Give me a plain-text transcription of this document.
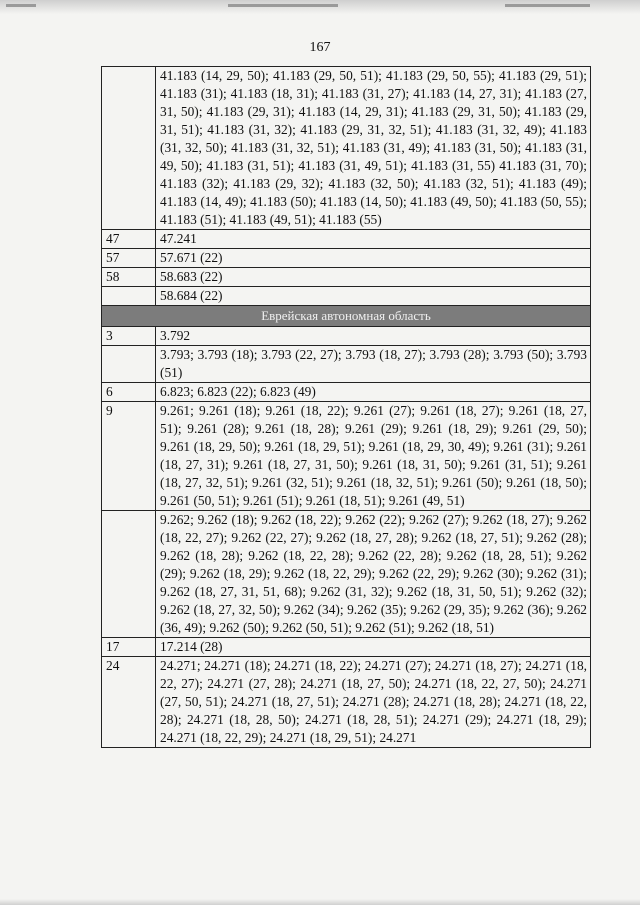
167
	41.183 (14, 29, 50); 41.183 (29, 50, 51); 41.183 (29, 50, 55); 41.183 (29, 51); 41.183 (31); 41.183 (18, 31); 41.183 (31, 27); 41.183 (14, 27, 31); 41.183 (27, 31, 50); 41.183 (29, 31); 41.183 (14, 29, 31); 41.183 (29, 31, 50); 41.183 (29, 31, 51); 41.183 (31, 32); 41.183 (29, 31, 32, 51); 41.183 (31, 32, 49); 41.183 (31, 32, 50); 41.183 (31, 32, 51); 41.183 (31, 49); 41.183 (31, 50); 41.183 (31, 49, 50); 41.183 (31, 51); 41.183 (31, 49, 51); 41.183 (31, 55) 41.183 (31, 70); 41.183 (32); 41.183 (29, 32); 41.183 (32, 50); 41.183 (32, 51); 41.183 (49); 41.183 (14, 49); 41.183 (50); 41.183 (14, 50); 41.183 (49, 50); 41.183 (50, 55); 41.183 (51); 41.183 (49, 51); 41.183 (55)
47	47.241
57	57.671 (22)
58	58.683 (22)
	58.684 (22)
Еврейская автономная область	
3	3.792
	3.793; 3.793 (18); 3.793 (22, 27); 3.793 (18, 27); 3.793 (28); 3.793 (50); 3.793 (51)
6	6.823; 6.823 (22); 6.823 (49)
9	9.261; 9.261 (18); 9.261 (18, 22); 9.261 (27); 9.261 (18, 27); 9.261 (18, 27, 51); 9.261 (28); 9.261 (18, 28); 9.261 (29); 9.261 (18, 29); 9.261 (29, 50); 9.261 (18, 29, 50); 9.261 (18, 29, 51); 9.261 (18, 29, 30, 49); 9.261 (31); 9.261 (18, 27, 31); 9.261 (18, 27, 31, 50); 9.261 (18, 31, 50); 9.261 (31, 51); 9.261 (18, 27, 32, 51); 9.261 (32, 51); 9.261 (18, 32, 51); 9.261 (50); 9.261 (18, 50); 9.261 (50, 51); 9.261 (51); 9.261 (18, 51); 9.261 (49, 51)
	9.262; 9.262 (18); 9.262 (18, 22); 9.262 (22); 9.262 (27); 9.262 (18, 27); 9.262 (18, 22, 27); 9.262 (22, 27); 9.262 (18, 27, 28); 9.262 (18, 27, 51); 9.262 (28); 9.262 (18, 28); 9.262 (18, 22, 28); 9.262 (22, 28); 9.262 (18, 28, 51); 9.262 (29); 9.262 (18, 29); 9.262 (18, 22, 29); 9.262 (22, 29); 9.262 (30); 9.262 (31); 9.262 (18, 27, 31, 51, 68); 9.262 (31, 32); 9.262 (18, 31, 50, 51); 9.262 (32); 9.262 (18, 27, 32, 50); 9.262 (34); 9.262 (35); 9.262 (29, 35); 9.262 (36); 9.262 (36, 49); 9.262 (50); 9.262 (50, 51); 9.262 (51); 9.262 (18, 51)
17	17.214 (28)
24	24.271; 24.271 (18); 24.271 (18, 22); 24.271 (27); 24.271 (18, 27); 24.271 (18, 22, 27); 24.271 (27, 28); 24.271 (18, 27, 50); 24.271 (18, 22, 27, 50); 24.271 (27, 50, 51); 24.271 (18, 27, 51); 24.271 (28); 24.271 (18, 28); 24.271 (18, 22, 28); 24.271 (18, 28, 50); 24.271 (18, 28, 51); 24.271 (29); 24.271 (18, 29); 24.271 (18, 22, 29); 24.271 (18, 29, 51); 24.271
